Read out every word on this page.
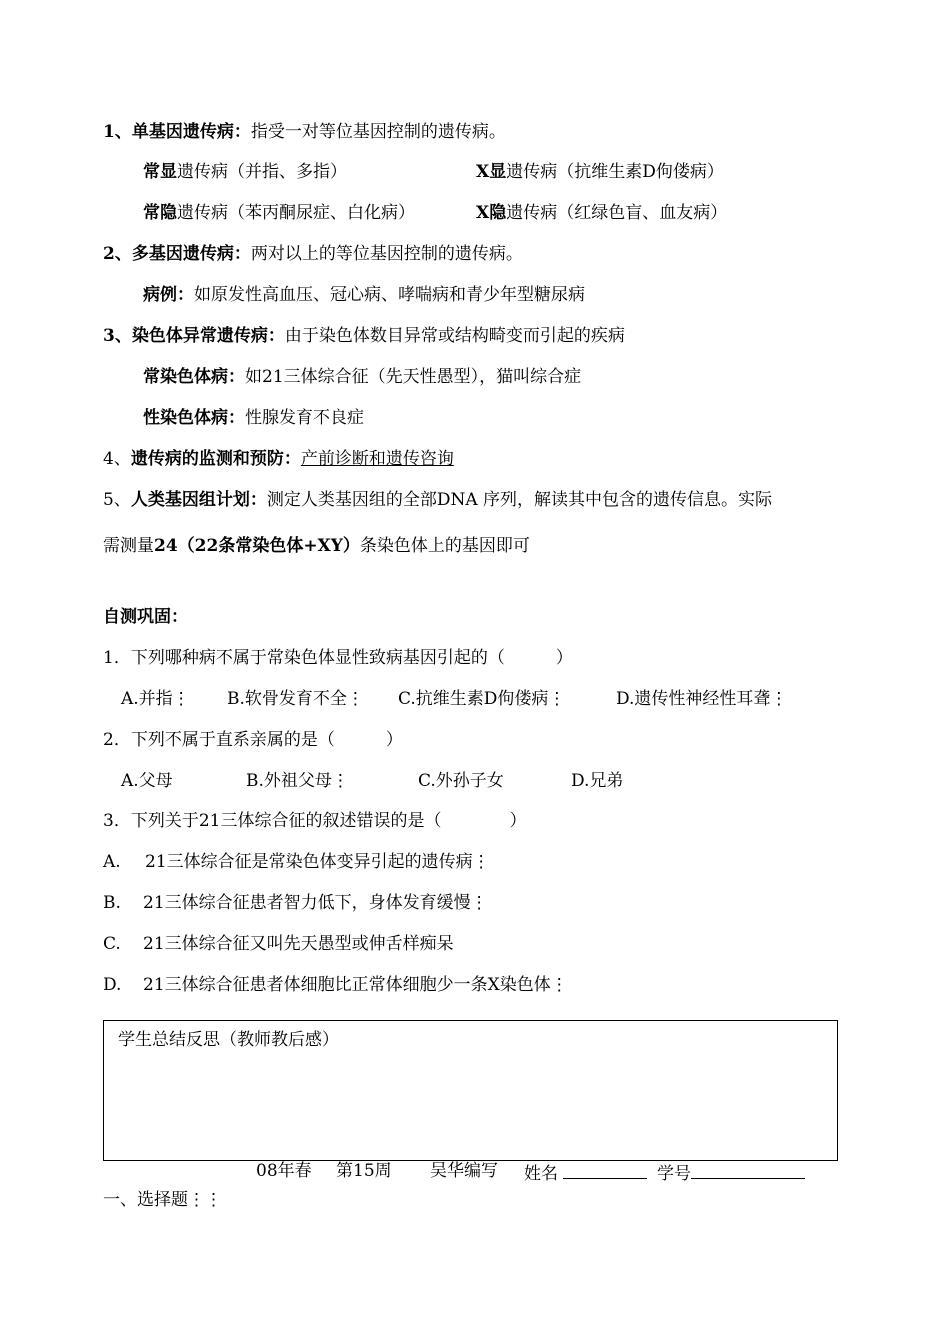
1、单基因遗传病：指受一对等位基因控制的遗传病。
常显遗传病（并指、多指）	X显遗传病（抗维生素D佝偻病）
常隐遗传病（苯丙酮尿症、白化病）	X隐遗传病（红绿色盲、血友病）
2、多基因遗传病：两对以上的等位基因控制的遗传病。
病例：如原发性高血压、冠心病、哮喘病和青少年型糖尿病
3、染色体异常遗传病：由于染色体数目异常或结构畸变而引起的疾病
常染色体病：如21三体综合征（先天性愚型），猫叫综合症
性染色体病：性腺发育不良症
4、遗传病的监测和预防：产前诊断和遗传咨询
5、人类基因组计划：测定人类基因组的全部DNA 序列，解读其中包含的遗传信息。实际
需测量24（22条常染色体+XY）条染色体上的基因即可
自测巩固：
1．下列哪种病不属于常染色体显性致病基因引起的（　　　）
A.并指⋮ B.软骨发育不全⋮ C.抗维生素D佝偻病⋮	D.遗传性神经性耳聋⋮
2．下列不属于直系亲属的是（　　　）
A.父母	B.外祖父母⋮	C.外孙子女	D.兄弟
3．下列关于21三体综合征的叙述错误的是（　　　　）
A. 21三体综合征是常染色体变异引起的遗传病⋮
B. 21三体综合征患者智力低下，身体发育缓慢⋮
C. 21三体综合征又叫先天愚型或伸舌样痴呆
D. 21三体综合征患者体细胞比正常体细胞少一条X染色体⋮
学生总结反思（教师教后感）
08年春 第15周 吴华编写 姓名	学号
一、选择题⋮⋮
